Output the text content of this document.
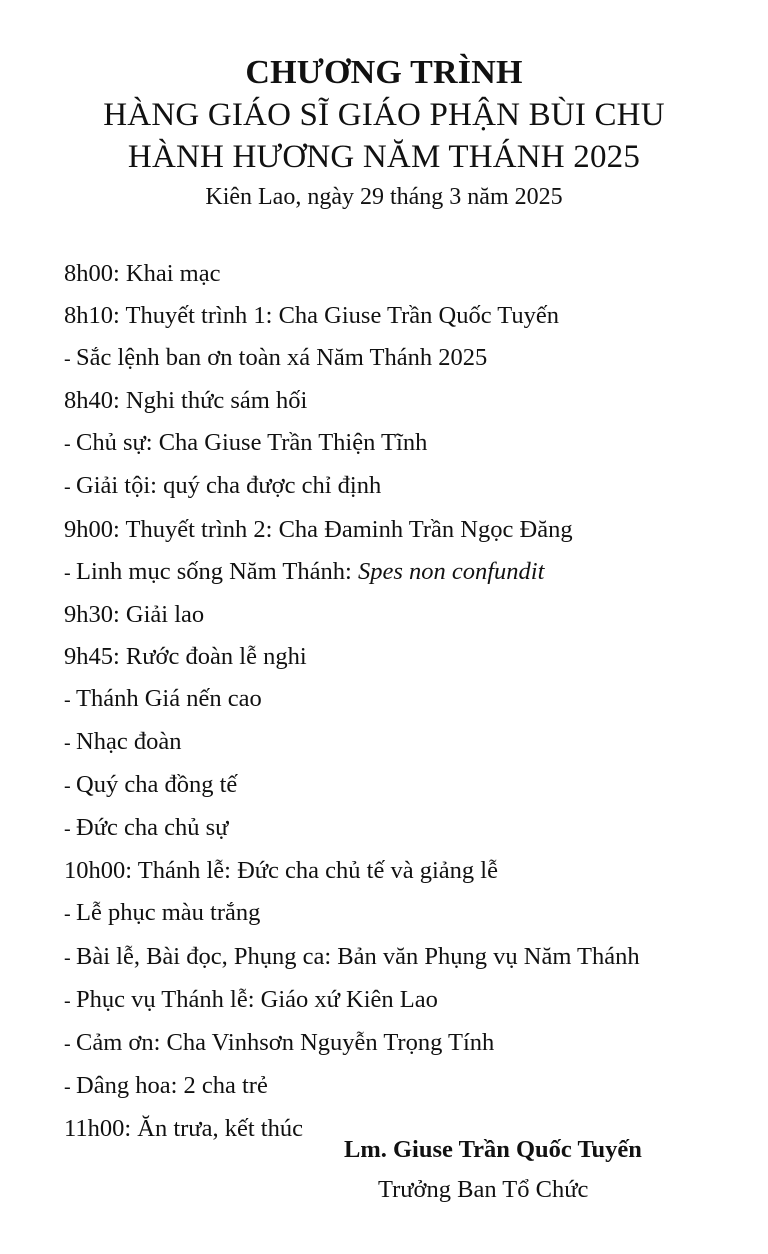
CHƯƠNG TRÌNH
HÀNG GIÁO SĨ GIÁO PHẬN BÙI CHU
HÀNH HƯƠNG NĂM THÁNH 2025
Kiên Lao, ngày 29 tháng 3 năm 2025
8h00: Khai mạc
8h10: Thuyết trình 1: Cha Giuse Trần Quốc Tuyến
- Sắc lệnh ban ơn toàn xá Năm Thánh 2025
8h40: Nghi thức sám hối
- Chủ sự: Cha Giuse Trần Thiện Tĩnh
- Giải tội: quý cha được chỉ định
9h00: Thuyết trình 2: Cha Đaminh Trần Ngọc Đăng
- Linh mục sống Năm Thánh: Spes non confundit
9h30: Giải lao
9h45: Rước đoàn lễ nghi
- Thánh Giá nến cao
- Nhạc đoàn
- Quý cha đồng tế
- Đức cha chủ sự
10h00: Thánh lễ: Đức cha chủ tế và giảng lễ
- Lễ phục màu trắng
- Bài lễ, Bài đọc, Phụng ca: Bản văn Phụng vụ Năm Thánh
- Phục vụ Thánh lễ: Giáo xứ Kiên Lao
- Cảm ơn: Cha Vinhsơn Nguyễn Trọng Tính
- Dâng hoa: 2 cha trẻ
11h00: Ăn trưa, kết thúc
Lm. Giuse Trần Quốc Tuyến
Trưởng Ban Tổ Chức
